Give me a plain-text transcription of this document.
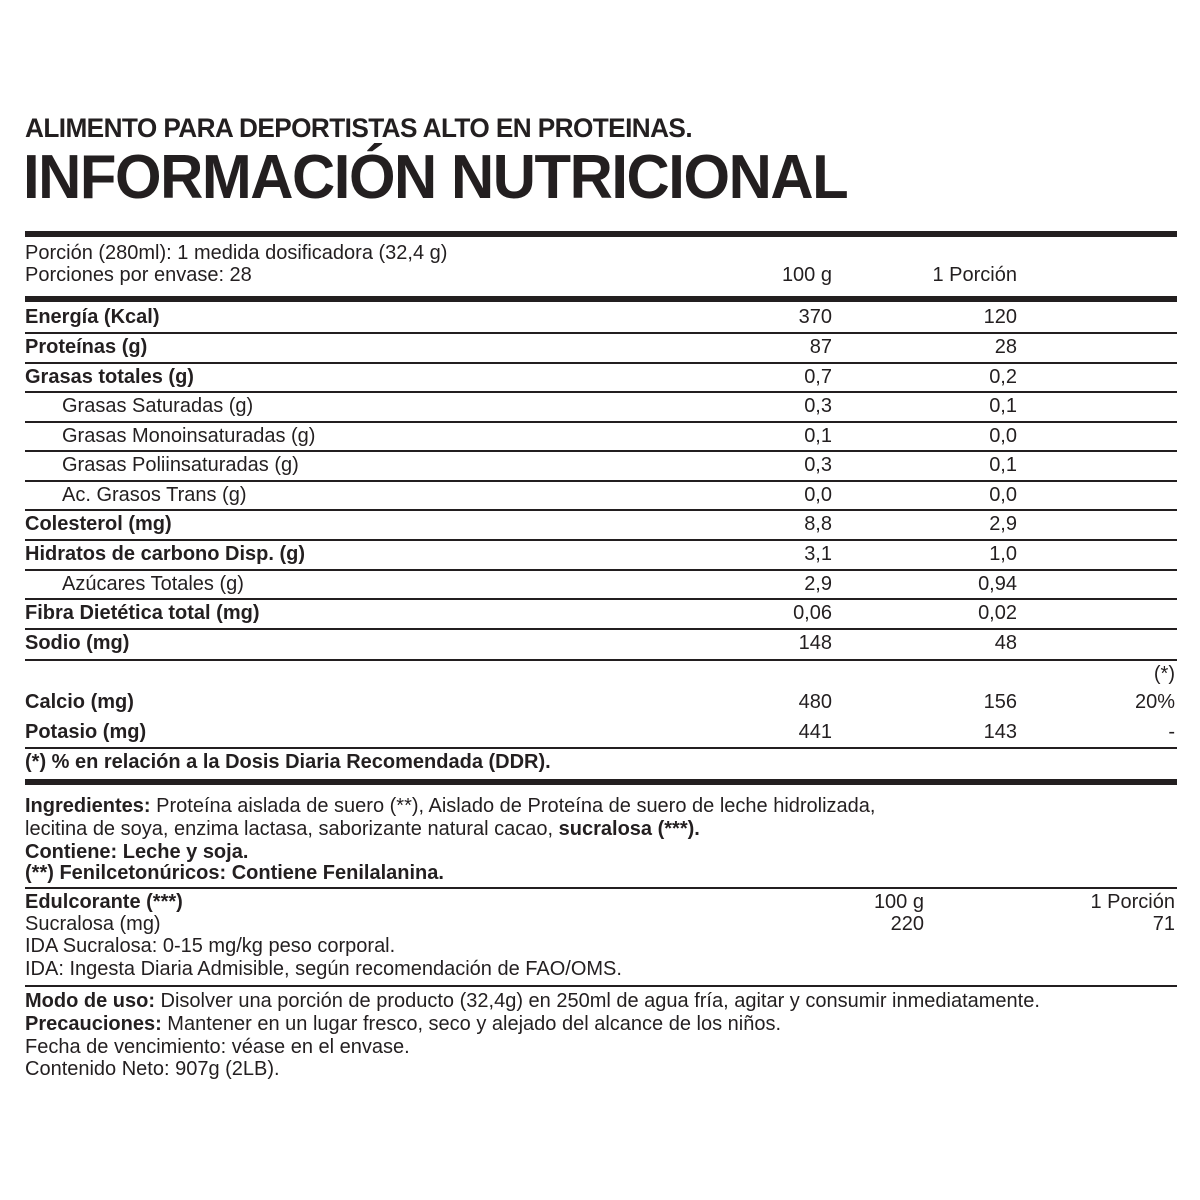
ALIMENTO PARA DEPORTISTAS ALTO EN PROTEINAS.
INFORMACIÓN NUTRICIONAL
Porción (280ml): 1 medida dosificadora (32,4 g)
Porciones por envase: 28	100 g	1 Porción
Energía (Kcal)	370	120
Proteínas (g)	87	28
Grasas totales (g)	0,7	0,2
Grasas Saturadas (g)	0,3	0,1
Grasas Monoinsaturadas (g)	0,1	0,0
Grasas Poliinsaturadas (g)	0,3	0,1
Ac. Grasos Trans (g)	0,0	0,0
Colesterol (mg)	8,8	2,9
Hidratos de carbono Disp. (g)	3,1	1,0
Azúcares Totales (g)	2,9	0,94
Fibra Dietética total (mg)	0,06	0,02
Sodio (mg)	148	48
(*)
Calcio (mg)	480	156	20%
Potasio (mg)	441	143	-
(*) % en relación a la Dosis Diaria Recomendada (DDR).
Ingredientes: Proteína aislada de suero (**), Aislado de Proteína de suero de leche hidrolizada,
lecitina de soya, enzima lactasa, saborizante natural cacao, sucralosa (***).
Contiene: Leche y soja.
(**) Fenilcetonúricos: Contiene Fenilalanina.
Edulcorante (***)	100 g	1 Porción
Sucralosa (mg)	220	71
IDA Sucralosa: 0-15 mg/kg peso corporal.
IDA: Ingesta Diaria Admisible, según recomendación de FAO/OMS.
Modo de uso: Disolver una porción de producto (32,4g) en 250ml de agua fría, agitar y consumir inmediatamente.
Precauciones: Mantener en un lugar fresco, seco y alejado del alcance de los niños.
Fecha de vencimiento: véase en el envase.
Contenido Neto: 907g (2LB).
